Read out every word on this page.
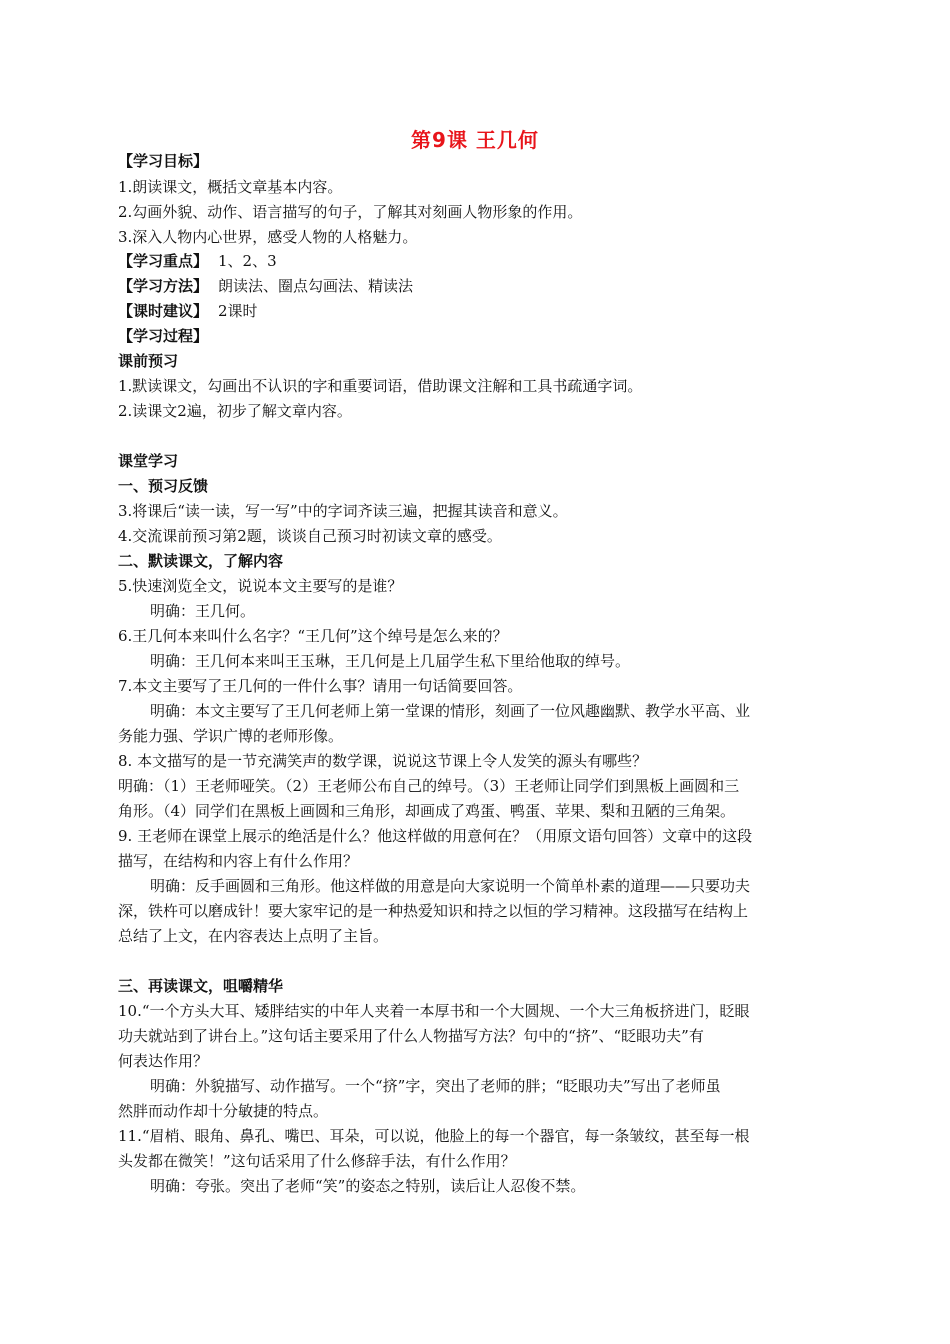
第9课 王几何
【学习目标】
1.朗读课文，概括文章基本内容。
2.勾画外貌、动作、语言描写的句子，了解其对刻画人物形象的作用。
3.深入人物内心世界，感受人物的人格魅力。
【学习重点】 1、2、3
【学习方法】 朗读法、圈点勾画法、精读法
【课时建议】 2课时
【学习过程】
课前预习
1.默读课文，勾画出不认识的字和重要词语，借助课文注解和工具书疏通字词。
2.读课文2遍，初步了解文章内容。
课堂学习
一、预习反馈
3.将课后“读一读，写一写”中的字词齐读三遍，把握其读音和意义。
4.交流课前预习第2题，谈谈自己预习时初读文章的感受。
二、默读课文，了解内容
5.快速浏览全文，说说本文主要写的是谁？
明确：王几何。
6.王几何本来叫什么名字？“王几何”这个绰号是怎么来的？
明确：王几何本来叫王玉琳，王几何是上几届学生私下里给他取的绰号。
7.本文主要写了王几何的一件什么事？请用一句话简要回答。
明确：本文主要写了王几何老师上第一堂课的情形，刻画了一位风趣幽默、教学水平高、业
务能力强、学识广博的老师形像。
8. 本文描写的是一节充满笑声的数学课，说说这节课上令人发笑的源头有哪些？
明确：（1）王老师哑笑。（2）王老师公布自己的绰号。（3）王老师让同学们到黑板上画圆和三
角形。（4）同学们在黑板上画圆和三角形，却画成了鸡蛋、鸭蛋、苹果、梨和丑陋的三角架。
9. 王老师在课堂上展示的绝活是什么？他这样做的用意何在？（用原文语句回答）文章中的这段
描写，在结构和内容上有什么作用？
明确：反手画圆和三角形。他这样做的用意是向大家说明一个简单朴素的道理——只要功夫
深，铁杵可以磨成针！要大家牢记的是一种热爱知识和持之以恒的学习精神。这段描写在结构上
总结了上文，在内容表达上点明了主旨。
三、再读课文，咀嚼精华
10.“一个方头大耳、矮胖结实的中年人夹着一本厚书和一个大圆规、一个大三角板挤进门，眨眼
功夫就站到了讲台上。”这句话主要采用了什么人物描写方法？句中的“挤”、“眨眼功夫”有
何表达作用？
明确：外貌描写、动作描写。一个“挤”字，突出了老师的胖；“眨眼功夫”写出了老师虽
然胖而动作却十分敏捷的特点。
11.“眉梢、眼角、鼻孔、嘴巴、耳朵，可以说，他脸上的每一个器官，每一条皱纹，甚至每一根
头发都在微笑！”这句话采用了什么修辞手法，有什么作用？
明确：夸张。突出了老师“笑”的姿态之特别，读后让人忍俊不禁。
